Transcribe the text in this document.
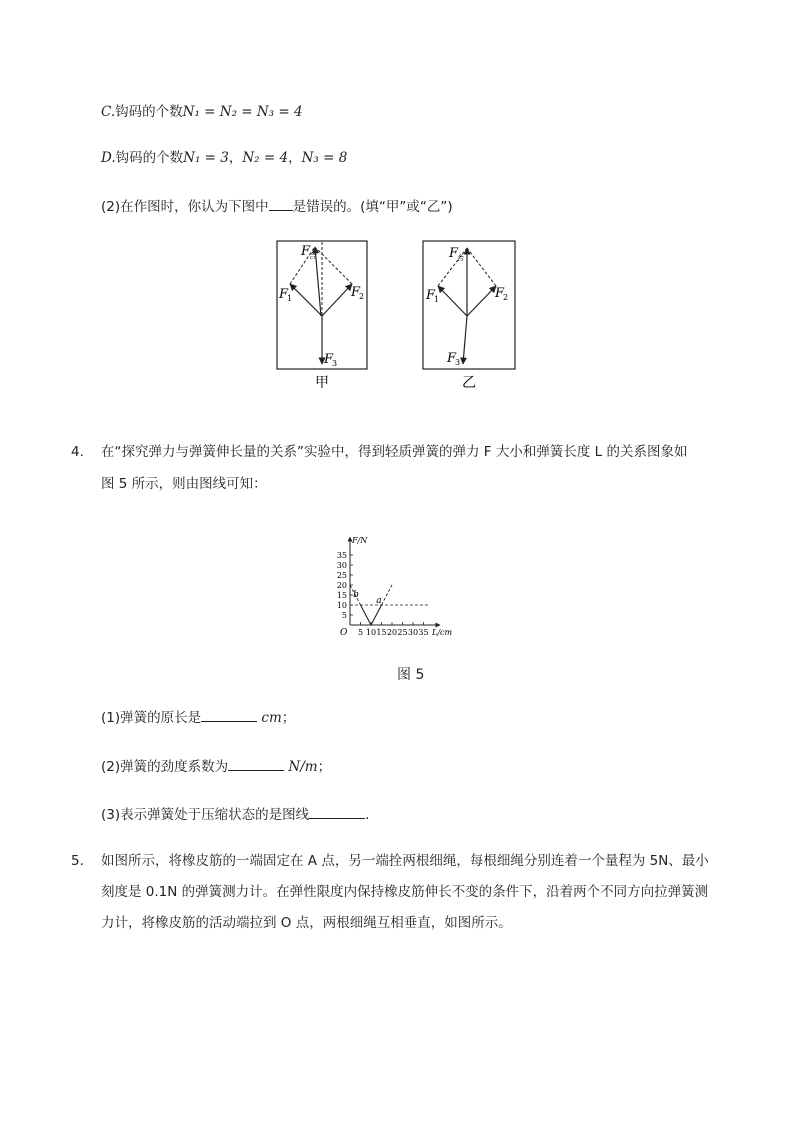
C.钩码的个数N₁ = N₂ = N₃ = 4
D.钩码的个数N₁ = 3，N₂ = 4，N₃ = 8
(2)在作图时，你认为下图中 是错误的。(填“甲”或“乙”)
F
合
F
1	F
2
F
3
甲
F
合
F
1	F
2
F
3
乙
4. 在“探究弹力与弹簧伸长量的关系”实验中，得到轻质弹簧的弹力 F 大小和弹簧长度 L 的关系图象如
图 5 所示，则由图线可知：
5 10 15 20 25 30 35
5
10
15
20
25
30
35
b
a
F/N
L/cm
O
图 5
(1)弹簧的原长是	cm；
(2)弹簧的劲度系数为	N/m；
(3)表示弹簧处于压缩状态的是图线	.
5. 如图所示，将橡皮筋的一端固定在 A 点，另一端拴两根细绳，每根细绳分别连着一个量程为 5N、最小
刻度是 0.1N 的弹簧测力计。在弹性限度内保持橡皮筋伸长不变的条件下，沿着两个不同方向拉弹簧测
力计，将橡皮筋的活动端拉到 O 点，两根细绳互相垂直，如图所示。
